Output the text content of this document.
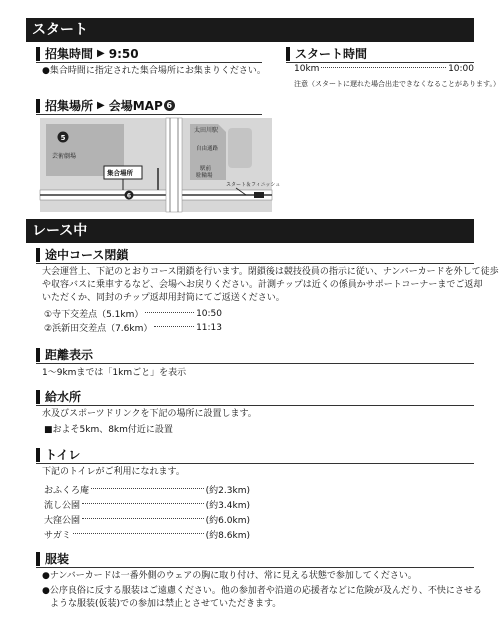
スタート
招集時間 ▶ 9:50
●集合時間に指定された集合場所にお集まりください。
スタート時間
10km	10:00
注意（スタートに遅れた場合出走できなくなることがあります。）
招集場所 ▶ 会場MAP 6
5
芸術劇場
太田川駅
自由通路
駅前
駐輪場
集合場所
6
スタート＆フィニッシュ
レース中
途中コース閉鎖
大会運営上、下記のとおりコース閉鎖を行います。閉鎖後は競技役員の指示に従い、ナンバーカードを外して徒歩
や収容バスに乗車するなど、会場へお戻りください。計測チップは近くの係員かサポートコーナーまでご返却
いただくか、同封のチップ返却用封筒にてご返送ください。
①寺下交差点（5.1km）	10:50
②浜新田交差点（7.6km）	11:13
距離表示
1～9kmまでは「1kmごと」を表示
給水所
水及びスポーツドリンクを下記の場所に設置します。
■およそ5km、8km付近に設置
トイレ
下記のトイレがご利用になれます。
おふくろ庵	(約2.3km)
流し公園	(約3.4km)
大窪公園	(約6.0km)
サガミ	(約8.6km)
服装
●ナンバーカードは一番外側のウェアの胸に取り付け、常に見える状態で参加してください。
●公序良俗に反する服装はご遠慮ください。他の参加者や沿道の応援者などに危険が及んだり、不快にさせる
ような服装(仮装)での参加は禁止とさせていただきます。
